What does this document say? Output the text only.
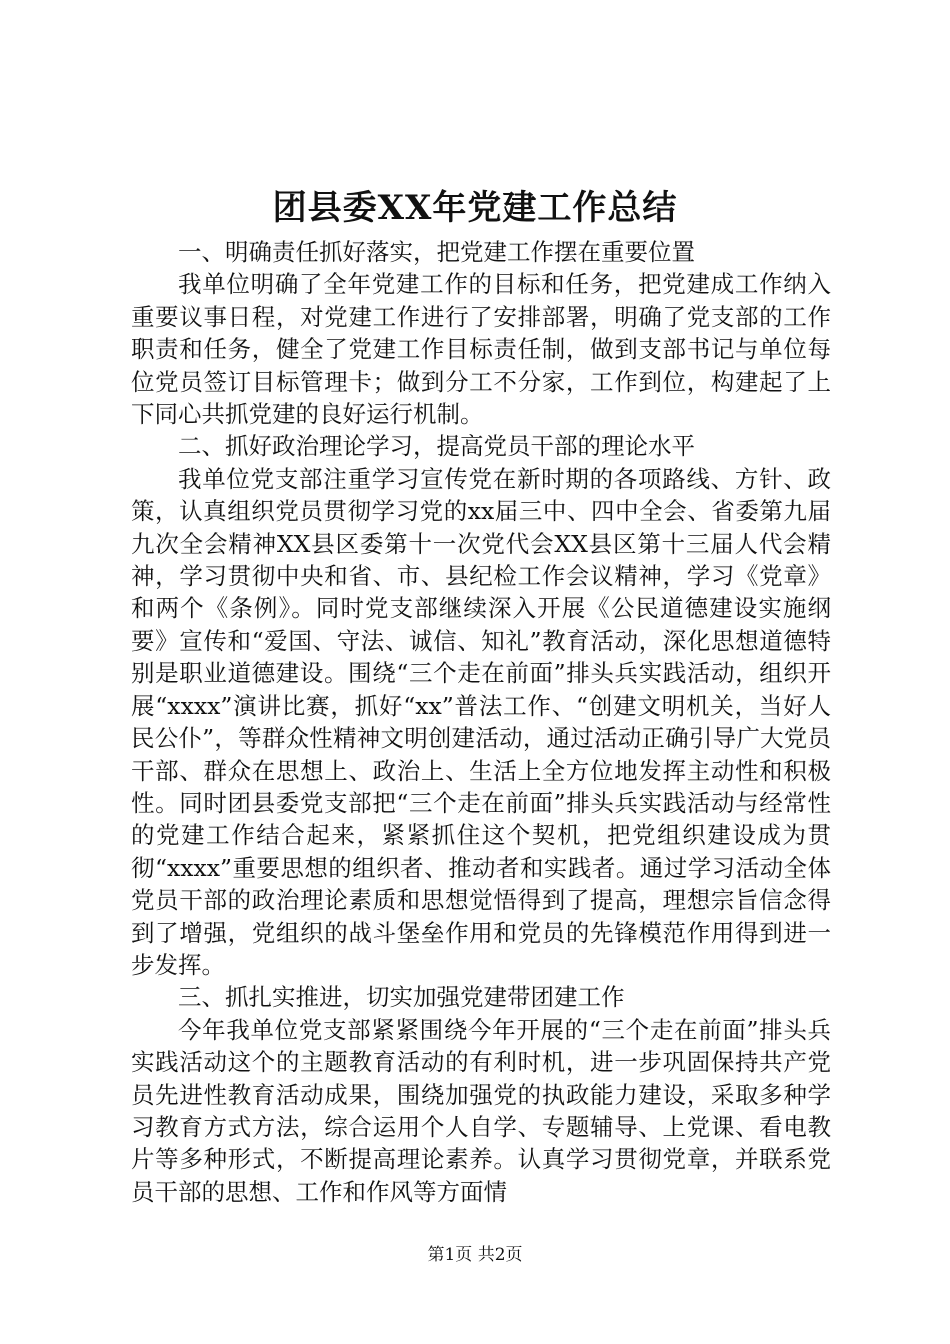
团县委XX年党建工作总结

一、明确责任抓好落实，把党建工作摆在重要位置

我单位明确了全年党建工作的目标和任务，把党建成工作纳入重要议事日程，对党建工作进行了安排部署，明确了党支部的工作职责和任务，健全了党建工作目标责任制，做到支部书记与单位每位党员签订目标管理卡；做到分工不分家，工作到位，构建起了上下同心共抓党建的良好运行机制。

二、抓好政治理论学习，提高党员干部的理论水平

我单位党支部注重学习宣传党在新时期的各项路线、方针、政策，认真组织党员贯彻学习党的xx届三中、四中全会、省委第九届九次全会精神XX县区委第十一次党代会XX县区第十三届人代会精神，学习贯彻中央和省、市、县纪检工作会议精神，学习《党章》和两个《条例》。同时党支部继续深入开展《公民道德建设实施纲要》宣传和“爱国、守法、诚信、知礼”教育活动，深化思想道德特别是职业道德建设。围绕“三个走在前面”排头兵实践活动，组织开展“xxxx”演讲比赛，抓好“xx”普法工作、“创建文明机关，当好人民公仆”，等群众性精神文明创建活动，通过活动正确引导广大党员干部、群众在思想上、政治上、生活上全方位地发挥主动性和积极性。同时团县委党支部把“三个走在前面”排头兵实践活动与经常性的党建工作结合起来，紧紧抓住这个契机，把党组织建设成为贯彻“xxxx”重要思想的组织者、推动者和实践者。通过学习活动全体党员干部的政治理论素质和思想觉悟得到了提高，理想宗旨信念得到了增强，党组织的战斗堡垒作用和党员的先锋模范作用得到进一步发挥。

三、抓扎实推进，切实加强党建带团建工作

今年我单位党支部紧紧围绕今年开展的“三个走在前面”排头兵实践活动这个的主题教育活动的有利时机，进一步巩固保持共产党员先进性教育活动成果，围绕加强党的执政能力建设，采取多种学习教育方式方法，综合运用个人自学、专题辅导、上党课、看电教片等多种形式，不断提高理论素养。认真学习贯彻党章，并联系党员干部的思想、工作和作风等方面情

第1页 共2页
